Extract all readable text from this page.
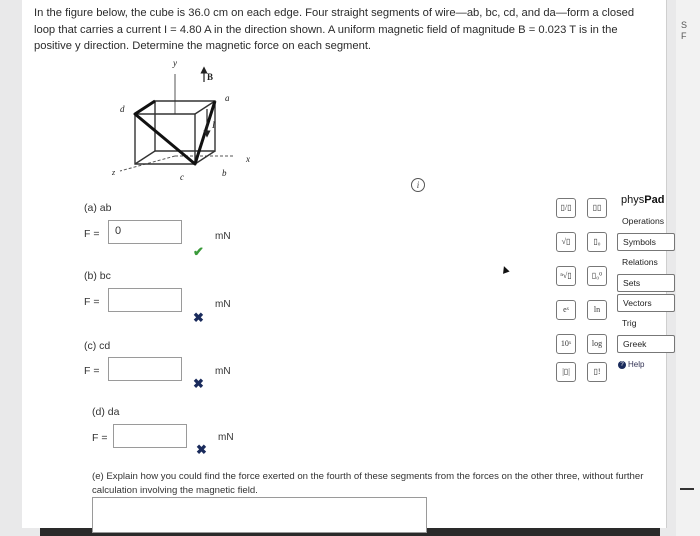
S
F
In the figure below, the cube is 36.0 cm on each edge. Four straight segments of wire—ab, bc, cd, and da—form a closed
loop that carries a current I = 4.80 A in the direction shown. A uniform magnetic field of magnitude B = 0.023 T is in the
positive y direction. Determine the magnetic force on each segment.
y
B
a
d
I
z	c	b
x
i
(a) ab
F =	0	mN
✔
(b) bc
F =	mN
✖
(c) cd
F =	mN
✖
(d) da
F =	mN
✖
(e) Explain how you could find the force exerted on the fourth of these segments from the forces on the other three, without further calculation involving the magnetic field.
▲
physPad
▯/▯	▯▯
√▯	▯₀
ⁿ√▯	▯₀⁰
eˣ	ln
10ˣ	log
|▯|	▯!
Operations
Symbols
Relations
Sets
Vectors
Trig
Greek
? Help
